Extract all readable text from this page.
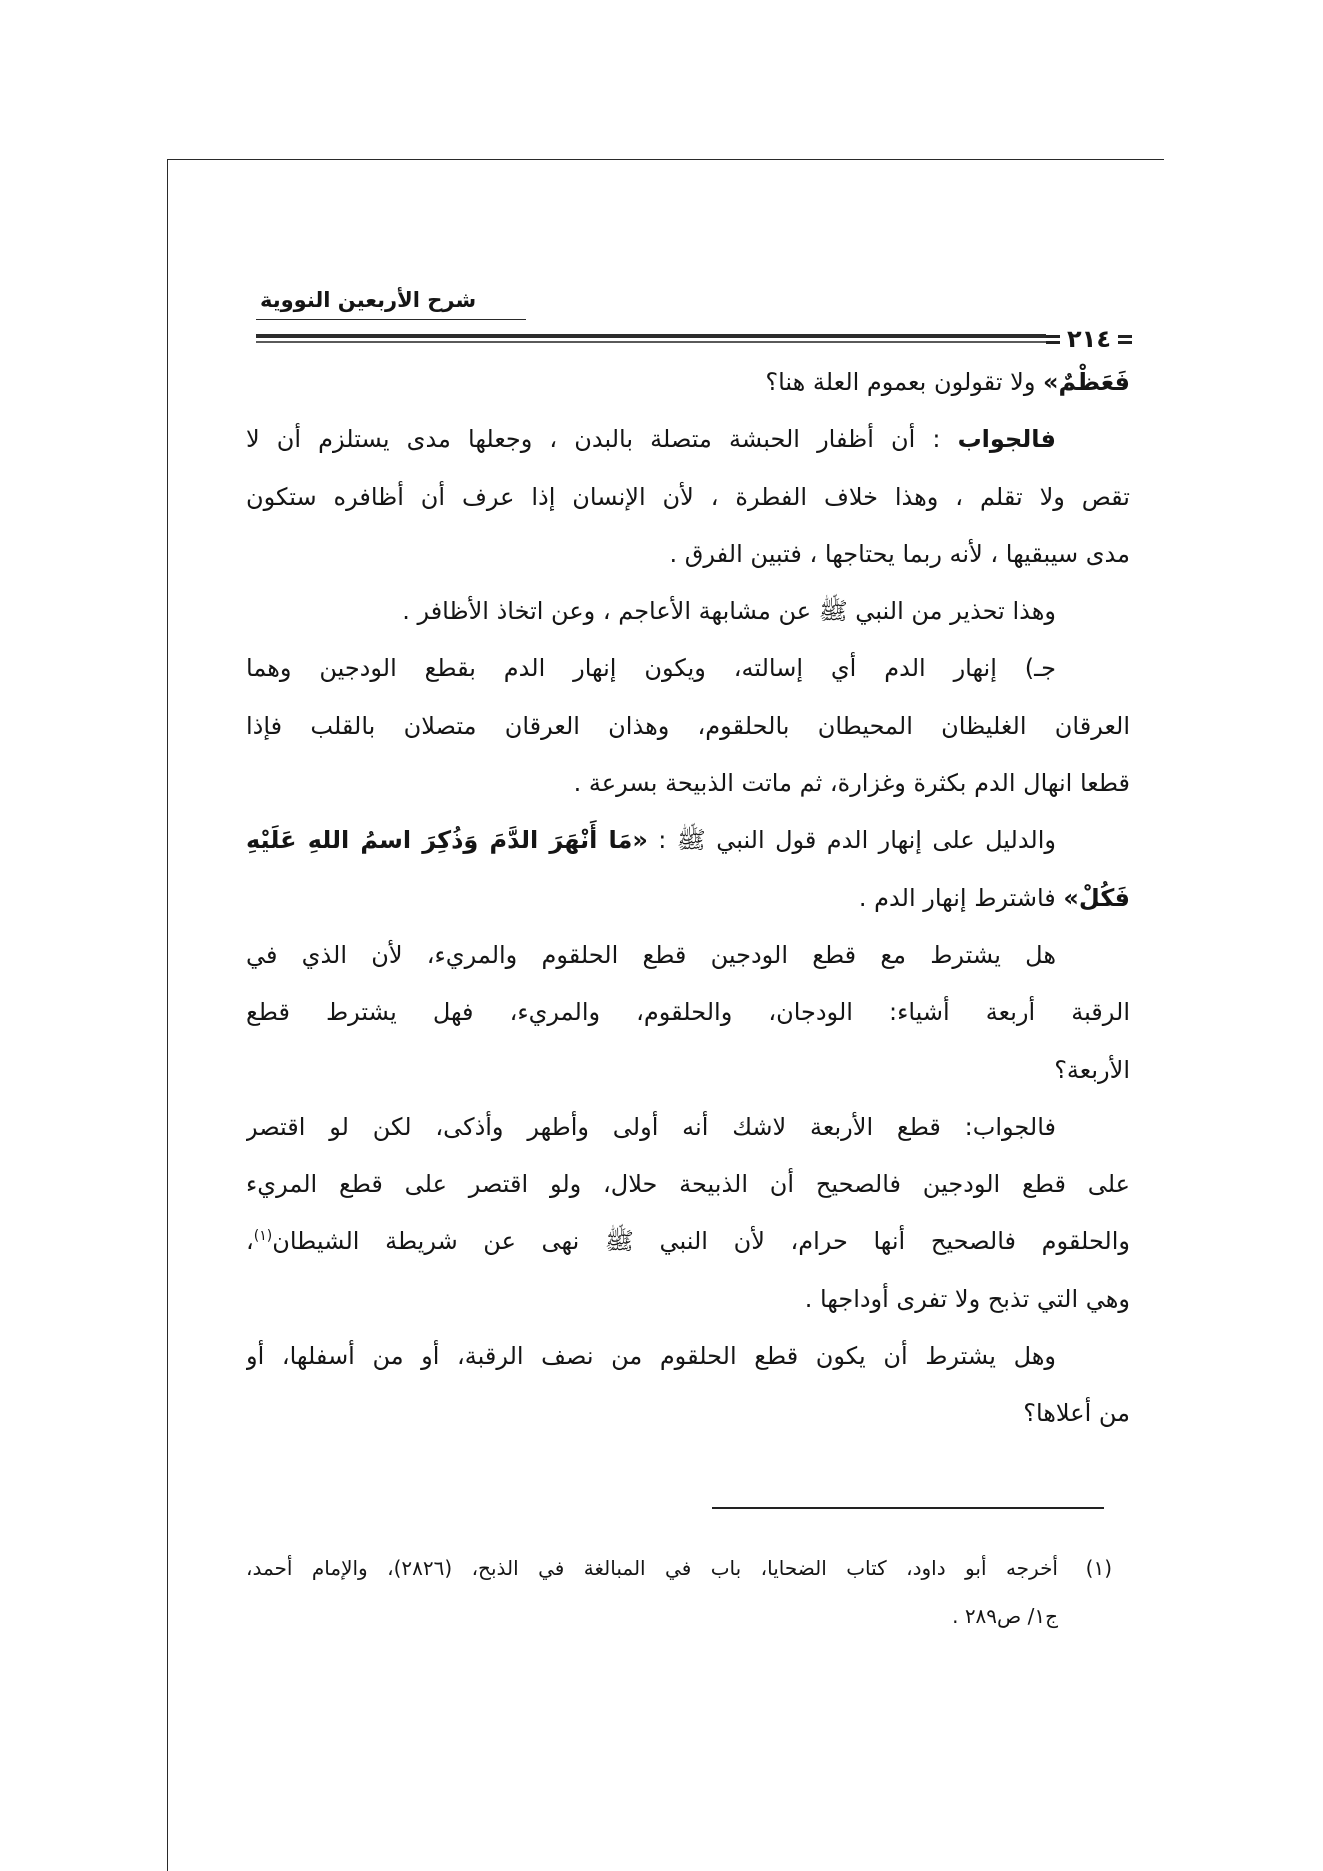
شرح الأربعين النووية
٢١٤
فَعَظْمٌ» ولا تقولون بعموم العلة هنا؟
فالجواب : أن أظفار الحبشة متصلة بالبدن ، وجعلها مدى يستلزم أن لا
تقص ولا تقلم ، وهذا خلاف الفطرة ، لأن الإنسان إذا عرف أن أظافره ستكون
مدى سيبقيها ، لأنه ربما يحتاجها ، فتبين الفرق .
وهذا تحذير من النبي ﷺ عن مشابهة الأعاجم ، وعن اتخاذ الأظافر .
جـ) إنهار الدم أي إسالته، ويكون إنهار الدم بقطع الودجين وهما
العرقان الغليظان المحيطان بالحلقوم، وهذان العرقان متصلان بالقلب فإذا
قطعا انهال الدم بكثرة وغزارة، ثم ماتت الذبيحة بسرعة .
والدليل على إنهار الدم قول النبي ﷺ : «مَا أَنْهَرَ الدَّمَ وَذُكِرَ اسمُ اللهِ عَلَيْهِ
فَكُلْ» فاشترط إنهار الدم .
هل يشترط مع قطع الودجين قطع الحلقوم والمريء، لأن الذي في
الرقبة أربعة أشياء: الودجان، والحلقوم، والمريء، فهل يشترط قطع
الأربعة؟
فالجواب: قطع الأربعة لاشك أنه أولى وأطهر وأذكى، لكن لو اقتصر
على قطع الودجين فالصحيح أن الذبيحة حلال، ولو اقتصر على قطع المريء
والحلقوم فالصحيح أنها حرام، لأن النبي ﷺ نهى عن شريطة الشيطان$^{(١)}$،
وهي التي تذبح ولا تفرى أوداجها .
وهل يشترط أن يكون قطع الحلقوم من نصف الرقبة، أو من أسفلها، أو
من أعلاها؟
(١)
أخرجه أبو داود، كتاب الضحايا، باب في المبالغة في الذبح، (٢٨٢٦)، والإمام أحمد،
ج١/ ص٢٨٩ .
